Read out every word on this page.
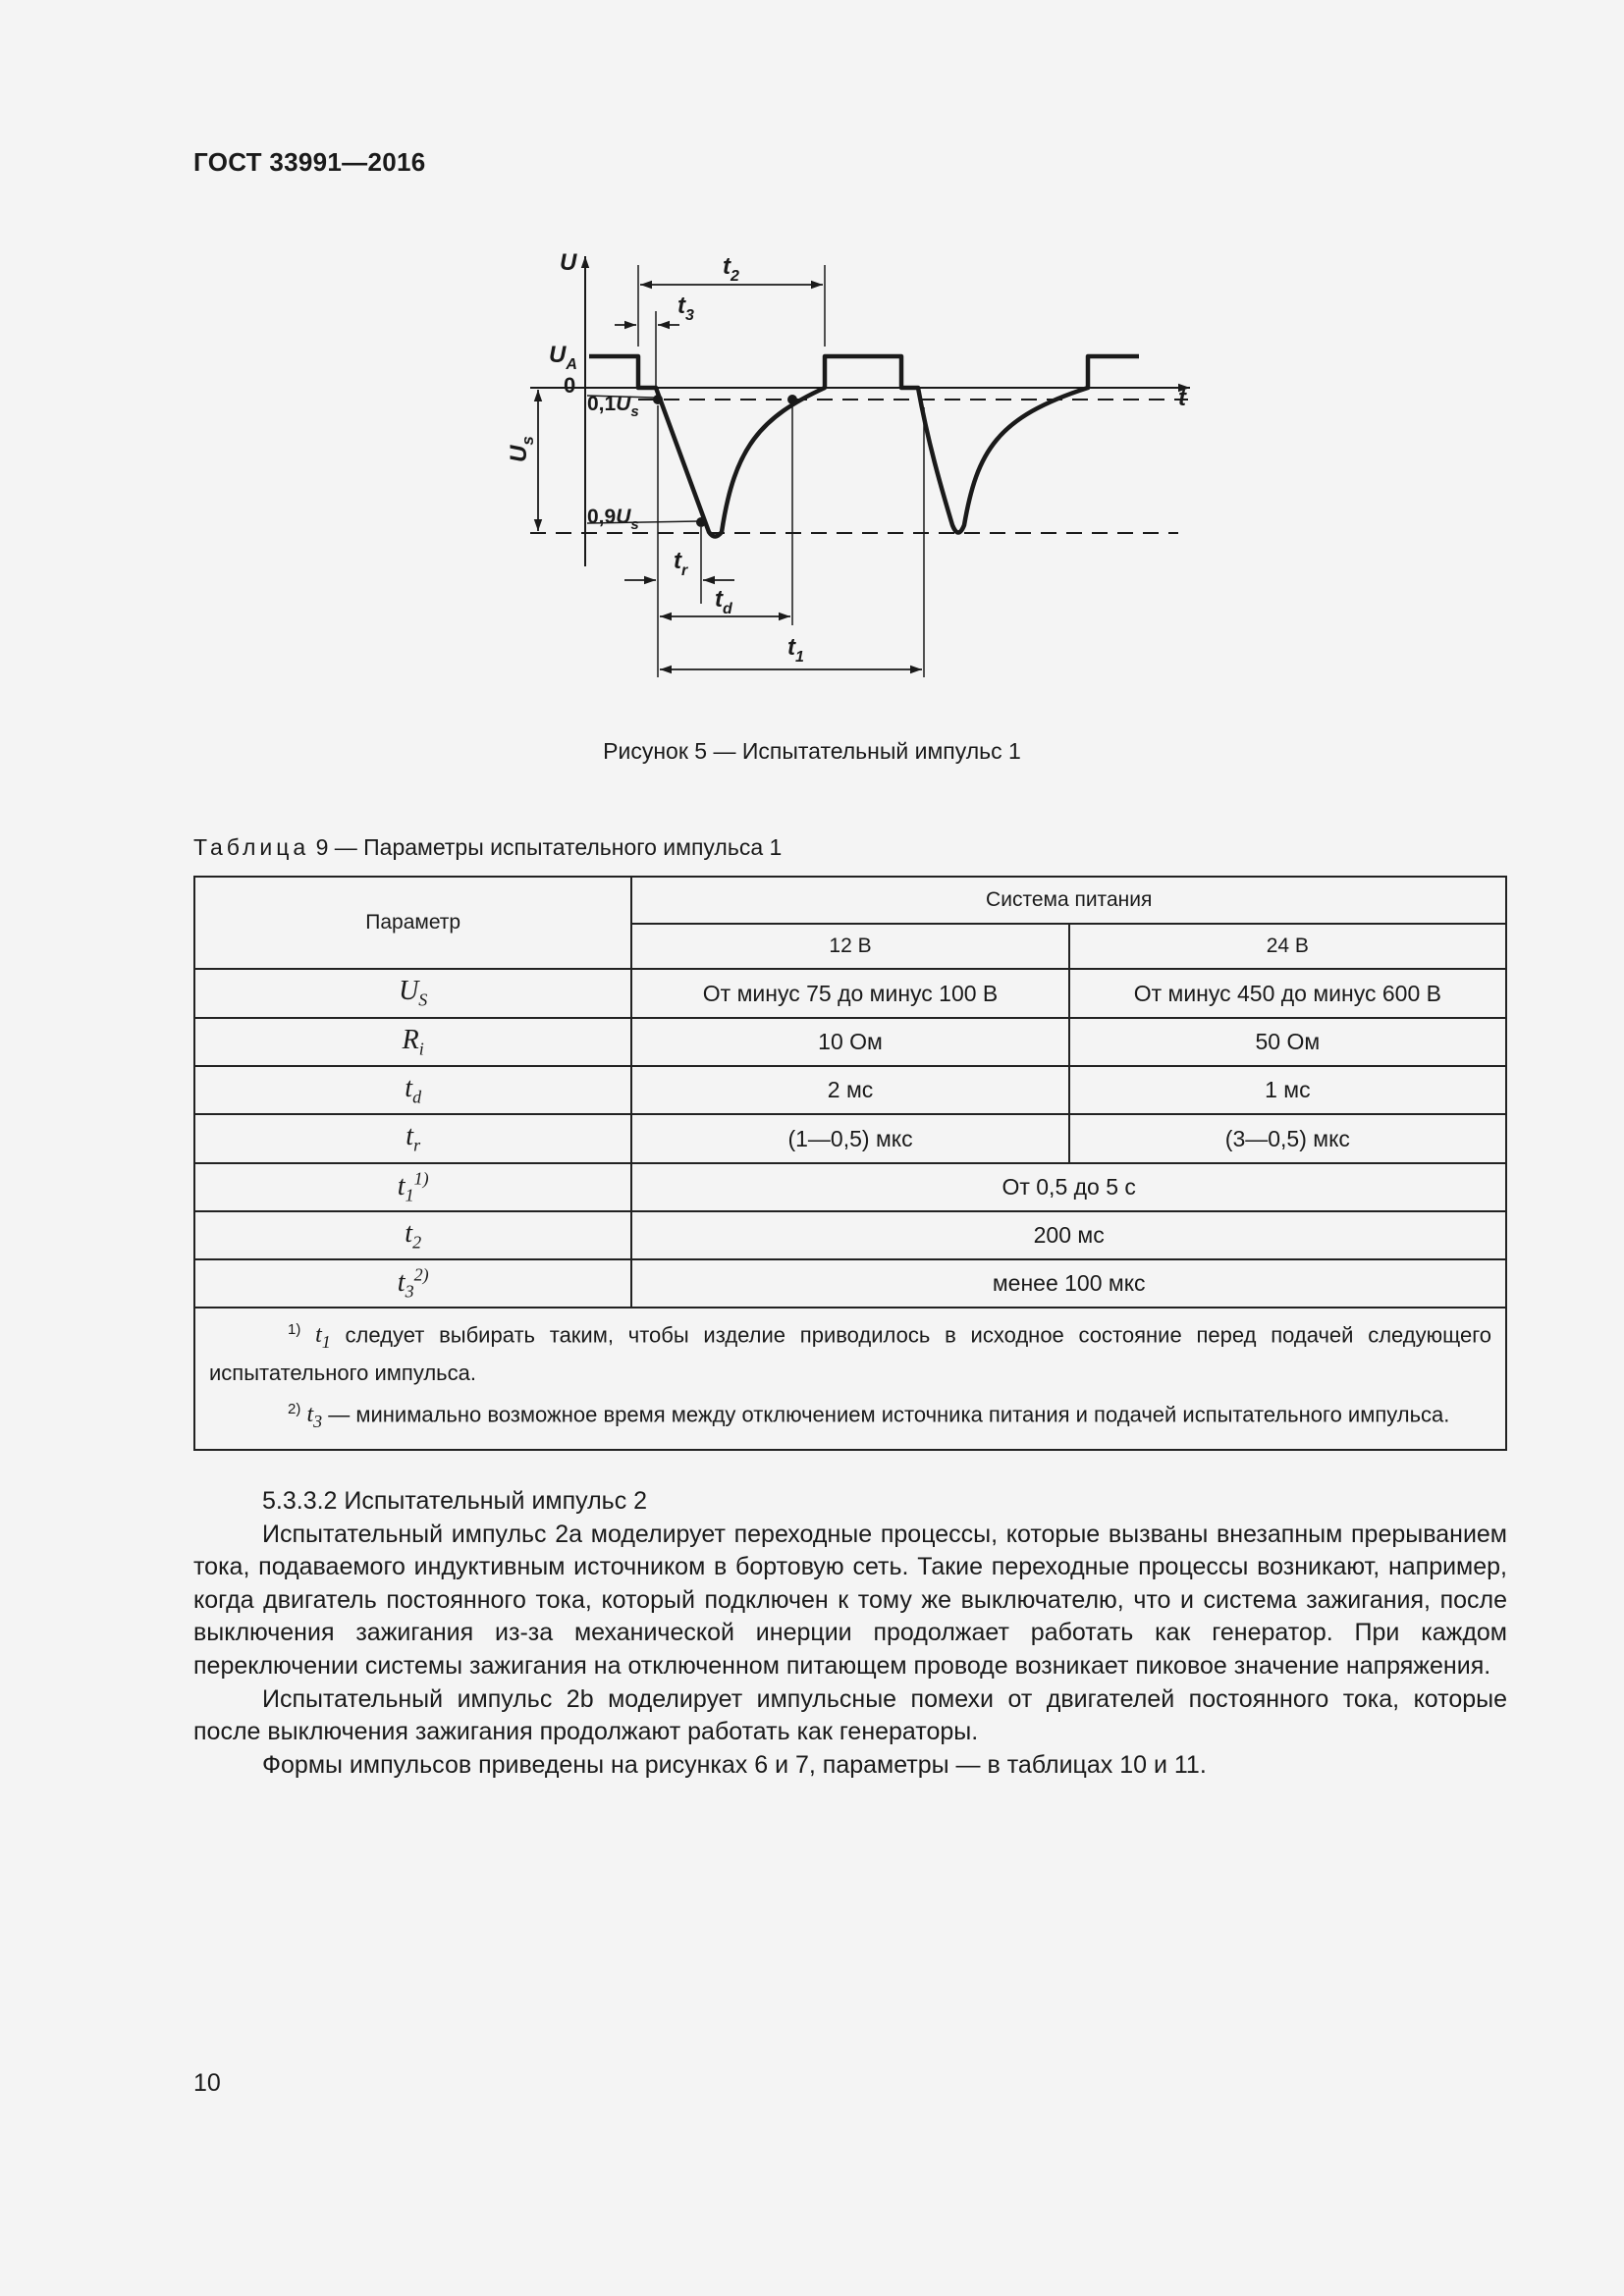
ГОСТ 33991—2016
U
$U_A$
0	t
$0,1U_s$
$0,9U_s$
$U_s$
$t_2$
$t_3$
$t_r$
$t_d$
$t_1$
Рисунок 5 — Испытательный импульс 1
Таблица 9 — Параметры испытательного импульса 1
Параметр	Система питания	
	12 В	24 В
$U_S$	От минус 75 до минус 100 В	От минус 450 до минус 600 В
$R_i$	10 Ом	50 Ом
$t_d$	2 мс	1 мс
$t_r$	(1—0,5) мкс	(3—0,5) мкс
$t_1^{1)}$	От 0,5 до 5 с	
$t_2$	200 мс	
$t_3^{2)}$	менее 100 мкс	

$^{1)}$ $t_1$ следует выбирать таким, чтобы изделие приводилось в исходное состояние перед подачей следующего испытательного импульса.
$^{2)}$ $t_3$ — минимально возможное время между отключением источника питания и подачей испытательного импульса.		

5.3.3.2 Испытательный импульс 2

Испытательный импульс 2a моделирует переходные процессы, которые вызваны внезапным прерыванием тока, подаваемого индуктивным источником в бортовую сеть. Такие переходные процессы возникают, например, когда двигатель постоянного тока, который подключен к тому же выключателю, что и система зажигания, после выключения зажигания из-за механической инерции продолжает работать как генератор. При каждом переключении системы зажигания на отключенном питающем проводе возникает пиковое значение напряжения.

Испытательный импульс 2b моделирует импульсные помехи от двигателей постоянного тока, которые после выключения зажигания продолжают работать как генераторы.

Формы импульсов приведены на рисунках 6 и 7, параметры — в таблицах 10 и 11.

10
